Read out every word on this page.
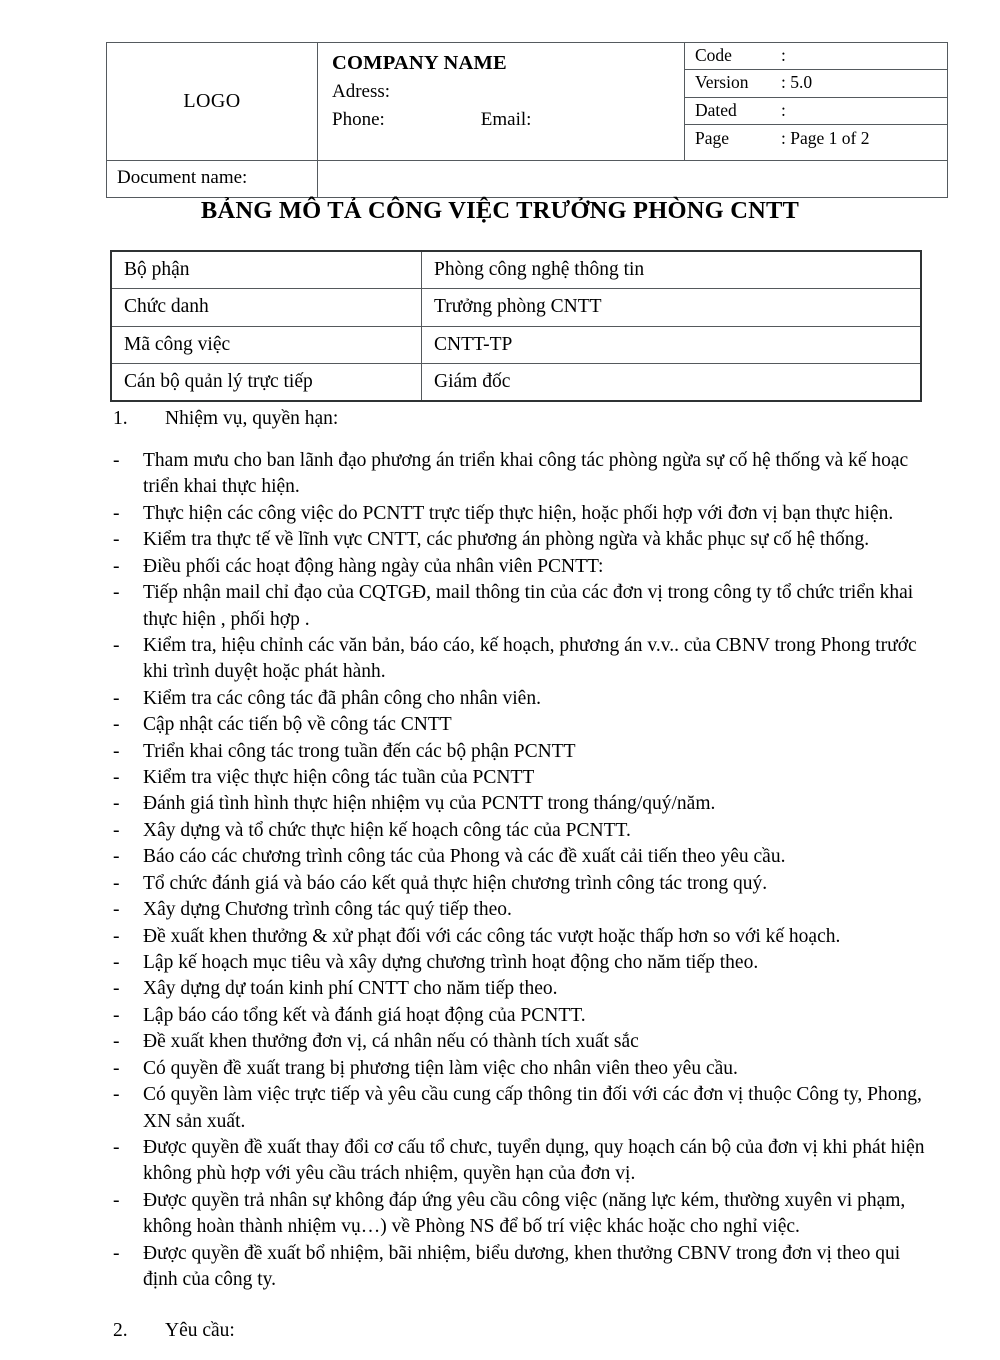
LOGO	
COMPANY NAME
Adress:
Phone:	Email:

Code	:
Version	: 5.0
Dated	:
Page	: Page 1 of 2

Document name:	
BẢNG MÔ TẢ CÔNG VIỆC TRƯỞNG PHÒNG CNTT
Bộ phận	Phòng công nghệ thông tin
Chức danh	Trưởng phòng CNTT
Mã công việc	CNTT-TP
Cán bộ quản lý trực tiếp	Giám đốc
1.	Nhiệm vụ, quyền hạn:
-	Tham mưu cho ban lãnh đạo phương án triển khai công tác phòng ngừa sự cố hệ thống và kế hoạc triển khai thực hiện.
-	Thực hiện các công việc do PCNTT trực tiếp thực hiện, hoặc phối hợp với đơn vị bạn thực hiện.
-	Kiểm tra thực tế về lĩnh vực CNTT, các phương án phòng ngừa và khắc phục sự cố hệ thống.
-	Điều phối các hoạt động hàng ngày của nhân viên PCNTT:
-	Tiếp nhận mail chỉ đạo của CQTGĐ, mail thông tin của các đơn vị trong công ty tổ chức triển khai thực hiện , phối hợp .
-	Kiểm tra, hiệu chỉnh các văn bản, báo cáo, kế hoạch, phương án v.v.. của CBNV trong Phong trước khi trình duyệt hoặc phát hành.
-	Kiểm tra các công tác đã phân công cho nhân viên.
-	Cập nhật các tiến bộ về công tác CNTT
-	Triển khai công tác trong tuần đến các bộ phận PCNTT
-	Kiểm tra việc thực hiện công tác tuần của PCNTT
-	Đánh giá tình hình thực hiện nhiệm vụ của PCNTT trong tháng/quý/năm.
-	Xây dựng và tổ chức thực hiện kế hoạch công tác của PCNTT.
-	Báo cáo các chương trình công tác của Phong và các đề xuất cải tiến theo yêu cầu.
-	Tổ chức đánh giá và báo cáo kết quả thực hiện chương trình công tác trong quý.
-	Xây dựng Chương trình công tác quý tiếp theo.
-	Đề xuất khen thưởng & xử phạt đối với các công tác vượt hoặc thấp hơn so với kế hoạch.
-	Lập kế hoạch mục tiêu và xây dựng chương trình hoạt động cho năm tiếp theo.
-	Xây dựng dự toán kinh phí CNTT cho năm tiếp theo.
-	Lập báo cáo tổng kết và đánh giá hoạt động của PCNTT.
-	Đề xuất khen thưởng đơn vị, cá nhân nếu có thành tích xuất sắc
-	Có quyền đề xuất trang bị phương tiện làm việc cho nhân viên theo yêu cầu.
-	Có quyền làm việc trực tiếp và yêu cầu cung cấp thông tin đối với các đơn vị thuộc Công ty, Phong, XN sản xuất.
-	Được quyền đề xuất thay đổi cơ cấu tổ chưc, tuyển dụng, quy hoạch cán bộ của đơn vị khi phát hiện không phù hợp với yêu cầu trách nhiệm, quyền hạn của đơn vị.
-	Được quyền trả nhân sự không đáp ứng yêu cầu công việc (năng lực kém, thường xuyên vi phạm, không hoàn thành nhiệm vụ…) về Phòng NS để bố trí việc khác hoặc cho nghỉ việc.
-	Được quyền đề xuất bổ nhiệm, bãi nhiệm, biểu dương, khen thưởng CBNV trong đơn vị theo qui định của công ty.
2.	Yêu cầu:
